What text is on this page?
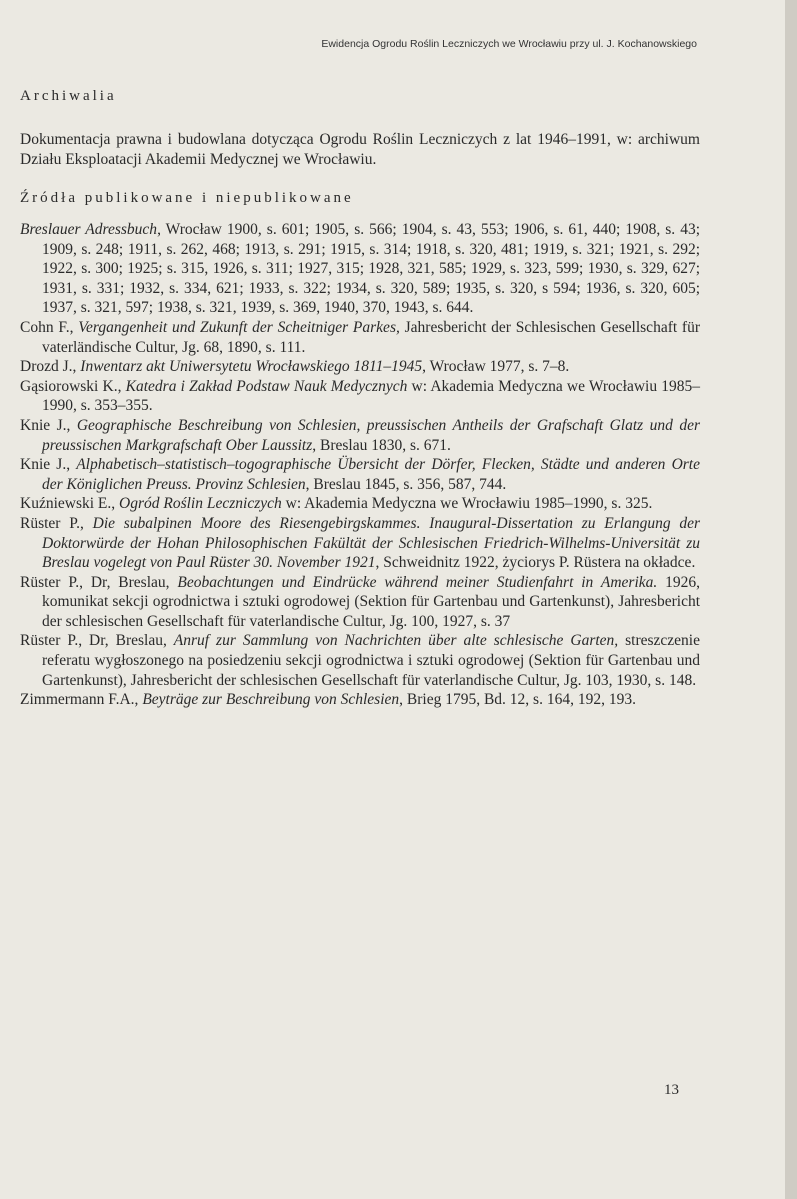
Ewidencja Ogrodu Roślin Leczniczych we Wrocławiu przy ul. J. Kochanowskiego
Archiwalia
Dokumentacja prawna i budowlana dotycząca Ogrodu Roślin Leczniczych z lat 1946–1991, w: archiwum Działu Eksploatacji Akademii Medycznej we Wrocławiu.
Źródła publikowane i niepublikowane
Breslauer Adressbuch, Wrocław 1900, s. 601; 1905, s. 566; 1904, s. 43, 553; 1906, s. 61, 440; 1908, s. 43; 1909, s. 248; 1911, s. 262, 468; 1913, s. 291; 1915, s. 314; 1918, s. 320, 481; 1919, s. 321; 1921, s. 292; 1922, s. 300; 1925; s. 315, 1926, s. 311; 1927, 315; 1928, 321, 585; 1929, s. 323, 599; 1930, s. 329, 627; 1931, s. 331; 1932, s. 334, 621; 1933, s. 322; 1934, s. 320, 589; 1935, s. 320, s 594; 1936, s. 320, 605; 1937, s. 321, 597; 1938, s. 321, 1939, s. 369, 1940, 370, 1943, s. 644.
Cohn F., Vergangenheit und Zukunft der Scheitniger Parkes, Jahresbericht der Schlesischen Gesellschaft für vaterländische Cultur, Jg. 68, 1890, s. 111.
Drozd J., Inwentarz akt Uniwersytetu Wrocławskiego 1811–1945, Wrocław 1977, s. 7–8.
Gąsiorowski K., Katedra i Zakład Podstaw Nauk Medycznych w: Akademia Medyczna we Wrocławiu 1985–1990, s. 353–355.
Knie J., Geographische Beschreibung von Schlesien, preussischen Antheils der Grafschaft Glatz und der preussischen Markgrafschaft Ober Laussitz, Breslau 1830, s. 671.
Knie J., Alphabetisch–statistisch–togographische Übersicht der Dörfer, Flecken, Städte und anderen Orte der Königlichen Preuss. Provinz Schlesien, Breslau 1845, s. 356, 587, 744.
Kuźniewski E., Ogród Roślin Leczniczych w: Akademia Medyczna we Wrocławiu 1985–1990, s. 325.
Rüster P., Die subalpinen Moore des Riesengebirgskammes. Inaugural-Dissertation zu Erlangung der Doktorwürde der Hohan Philosophischen Fakültät der Schlesischen Friedrich-Wilhelms-Universität zu Breslau vogelegt von Paul Rüster 30. November 1921, Schweidnitz 1922, życiorys P. Rüstera na okładce.
Rüster P., Dr, Breslau, Beobachtungen und Eindrücke während meiner Studienfahrt in Amerika. 1926, komunikat sekcji ogrodnictwa i sztuki ogrodowej (Sektion für Gartenbau und Gartenkunst), Jahresbericht der schlesischen Gesellschaft für vaterlandische Cultur, Jg. 100, 1927, s. 37
Rüster P., Dr, Breslau, Anruf zur Sammlung von Nachrichten über alte schlesische Garten, streszczenie referatu wygłoszonego na posiedzeniu sekcji ogrodnictwa i sztuki ogrodowej (Sektion für Gartenbau und Gartenkunst), Jahresbericht der schlesischen Gesellschaft für vaterlandische Cultur, Jg. 103, 1930, s. 148.
Zimmermann F.A., Beyträge zur Beschreibung von Schlesien, Brieg 1795, Bd. 12, s. 164, 192, 193.
13
